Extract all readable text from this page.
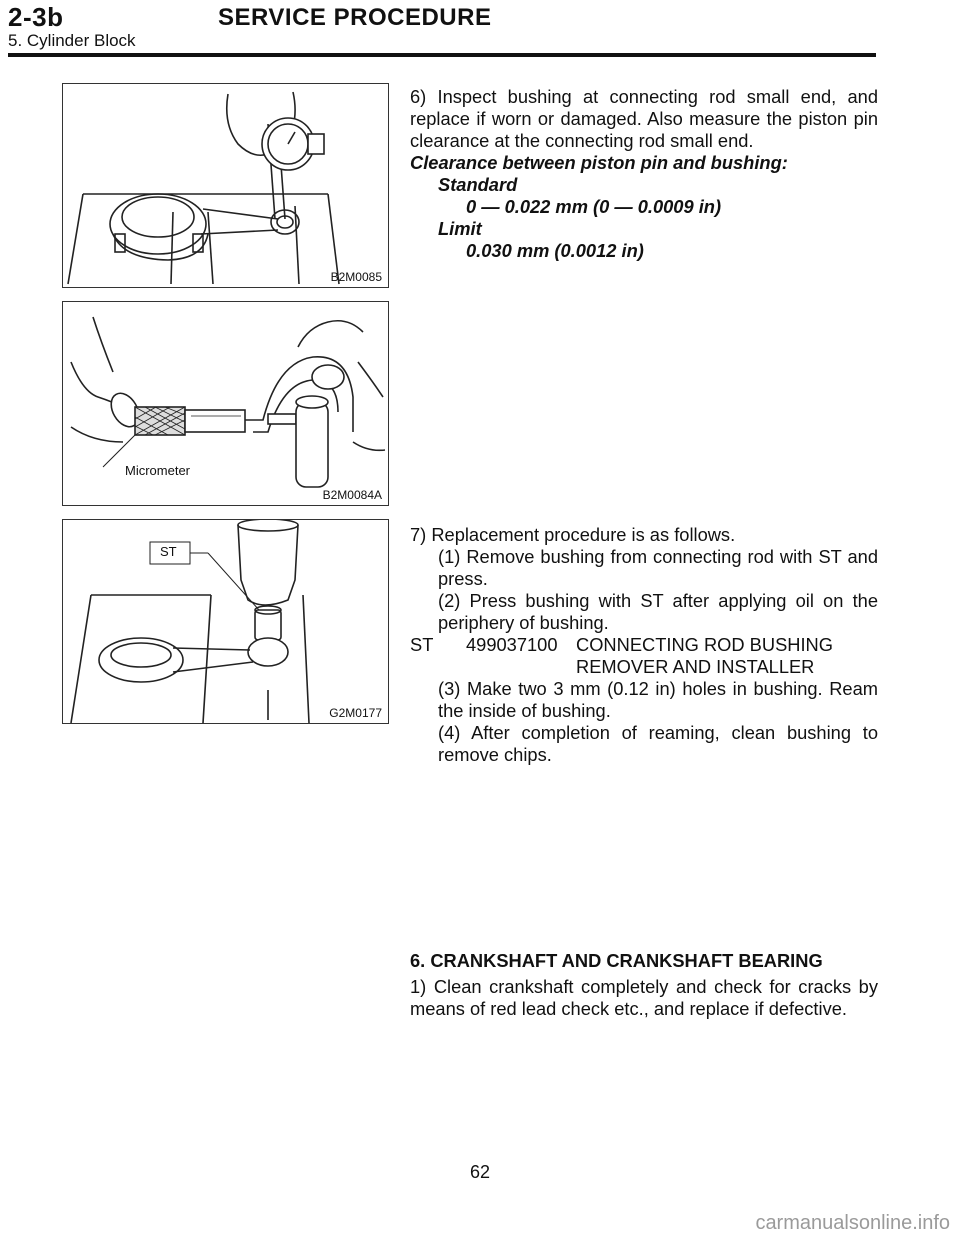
2-3b	SERVICE PROCEDURE
5. Cylinder Block
B2M0085
Micrometer
B2M0084A
ST
G2M0177
6) Inspect bushing at connecting rod small end, and replace if worn or damaged. Also measure the piston pin clearance at the connecting rod small end.
Clearance between piston pin and bushing:
Standard
0 — 0.022 mm (0 — 0.0009 in)
Limit
0.030 mm (0.0012 in)
7) Replacement procedure is as follows.
(1) Remove bushing from connecting rod with ST and press.
(2) Press bushing with ST after applying oil on the periphery of bushing.
ST 499037100 CONNECTING ROD BUSHING
REMOVER AND INSTALLER
(3) Make two 3 mm (0.12 in) holes in bushing. Ream the inside of bushing.
(4) After completion of reaming, clean bushing to remove chips.
6. CRANKSHAFT AND CRANKSHAFT BEARING
1) Clean crankshaft completely and check for cracks by means of red lead check etc., and replace if defective.
62
carmanualsonline.info
